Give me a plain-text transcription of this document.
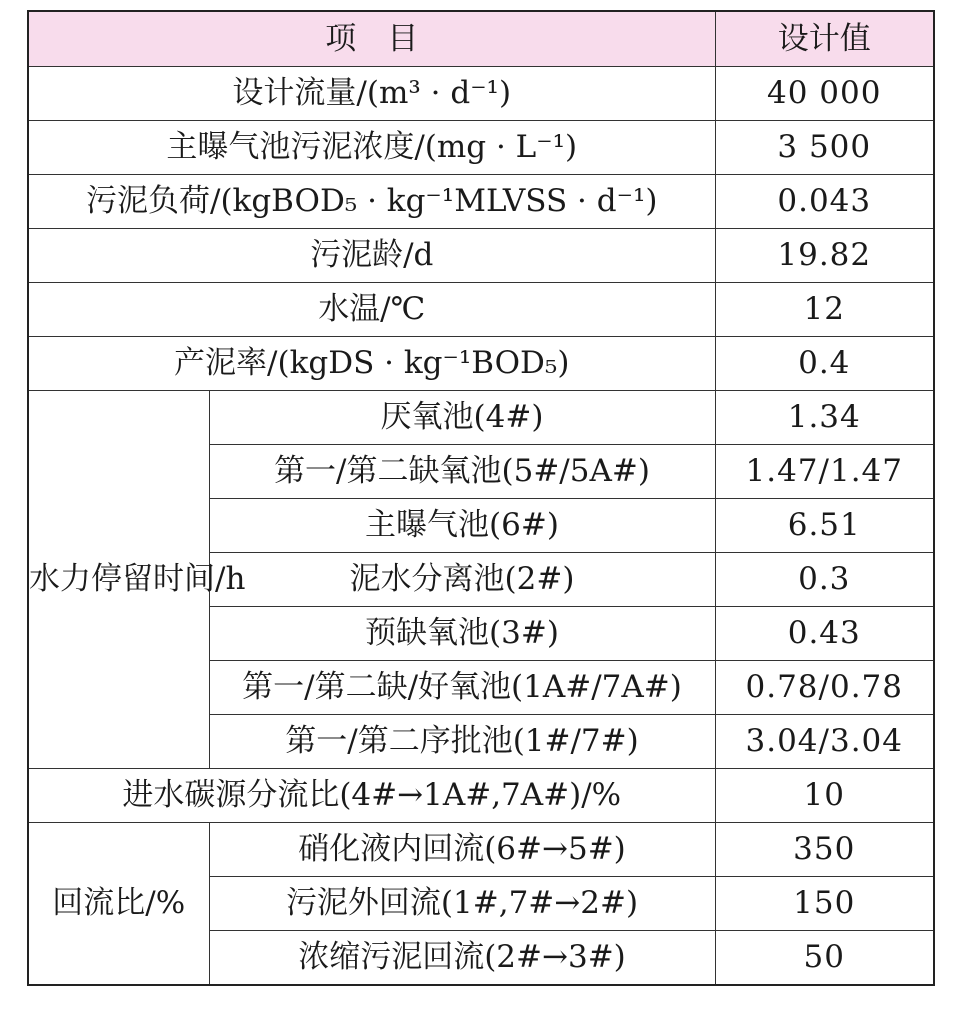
项　目		设计值
设计流量/(m³ · d⁻¹)		40 000
主曝气池污泥浓度/(mg · L⁻¹)		3 500
污泥负荷/(kgBOD₅ · kg⁻¹MLVSS · d⁻¹)		0.043
污泥龄/d		19.82
水温/℃		12
产泥率/(kgDS · kg⁻¹BOD₅)		0.4
水力停留时间/h	厌氧池(4#)	1.34
	第一/第二缺氧池(5#/5A#)	1.47/1.47
	主曝气池(6#)	6.51
	泥水分离池(2#)	0.3
	预缺氧池(3#)	0.43
	第一/第二缺/好氧池(1A#/7A#)	0.78/0.78
	第一/第二序批池(1#/7#)	3.04/3.04
进水碳源分流比(4#→1A#,7A#)/%		10
回流比/%	硝化液内回流(6#→5#)	350
	污泥外回流(1#,7#→2#)	150
	浓缩污泥回流(2#→3#)	50
